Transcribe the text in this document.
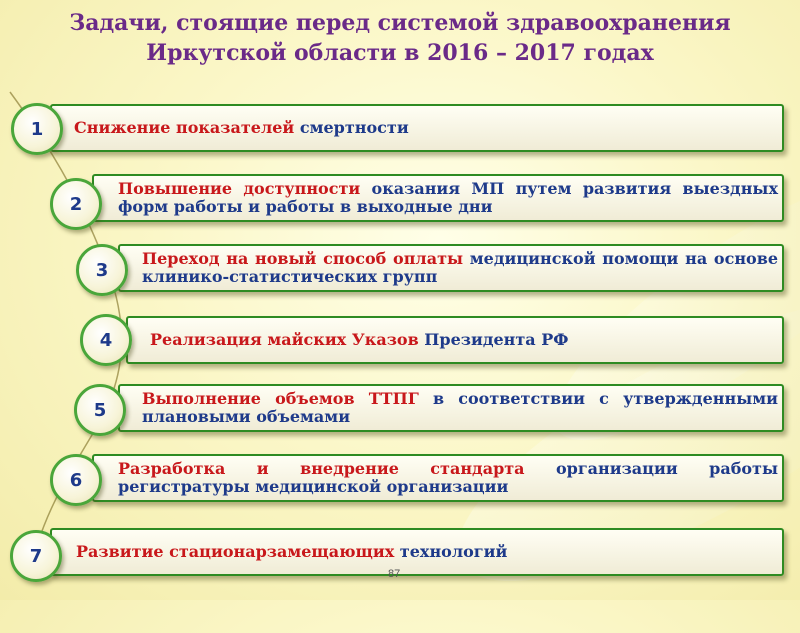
Задачи, стоящие перед системой здравоохранения
Иркутской области в 2016 – 2017 годах
Снижение показателей смертности
1
Повышение доступности оказания МП путем развития выездных форм работы и работы в выходные дни
2
Переход на новый способ оплаты медицинской помощи на основе клинико-статистических групп
3
Реализация майских Указов Президента РФ
4
Выполнение объемов ТТПГ в соответствии с утвержденными плановыми объемами
5
Разработка и внедрение стандарта организации работы регистратуры медицинской организации
6
Развитие стационарзамещающих технологий
7
87
